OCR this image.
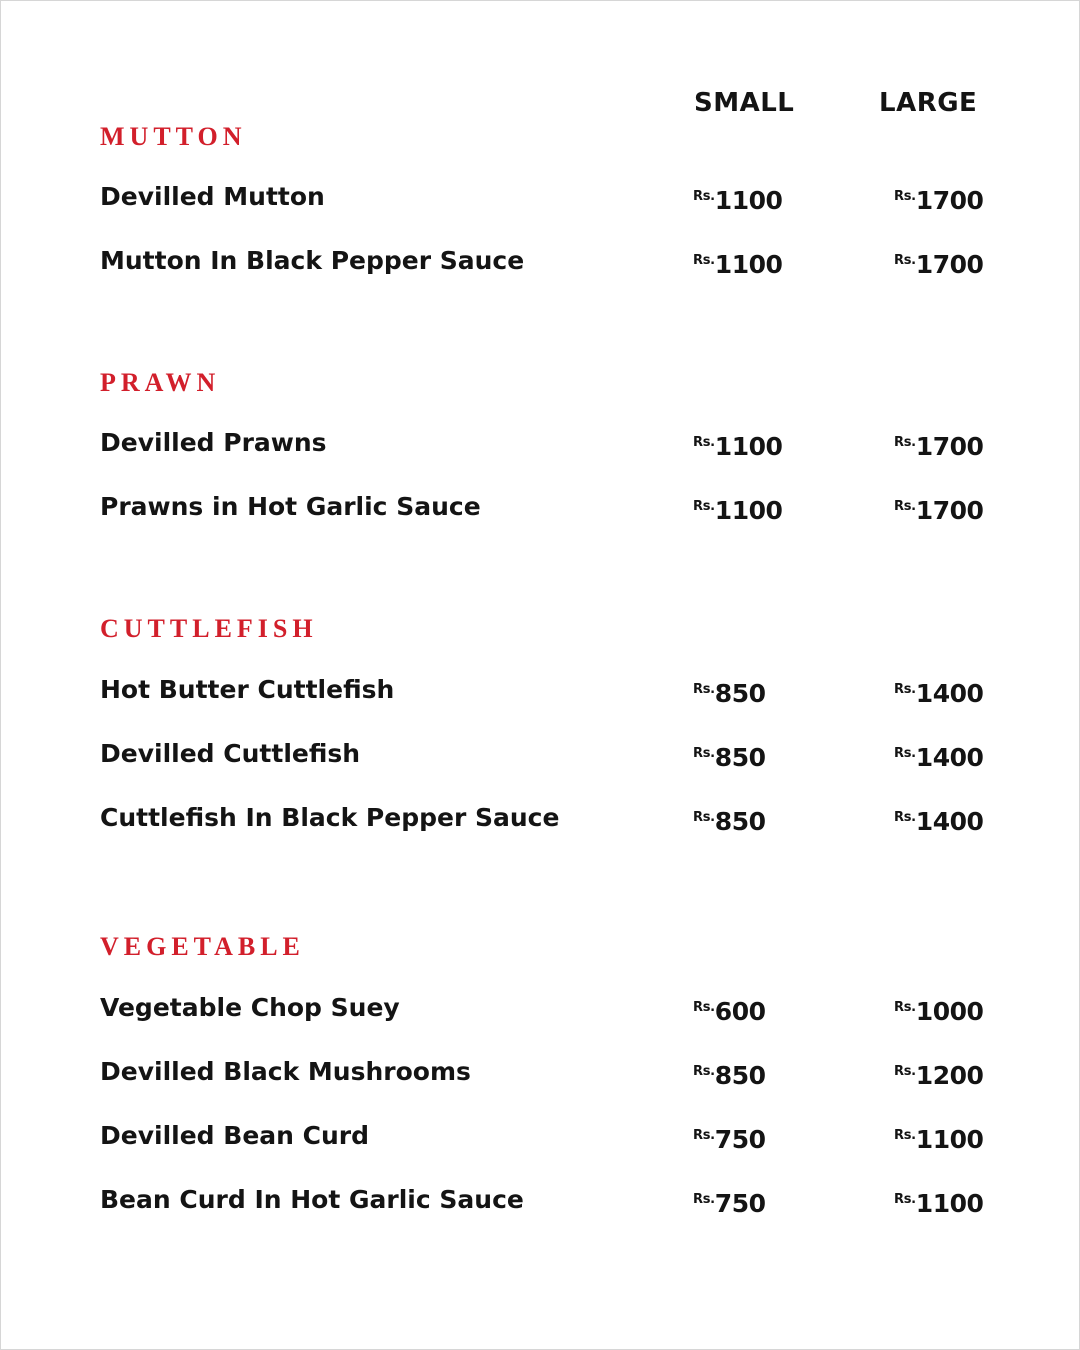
SMALL	LARGE
mutton
Devilled Mutton	$^{Rs.}$1100	$^{Rs.}$1700
Mutton In Black Pepper Sauce	$^{Rs.}$1100	$^{Rs.}$1700
prawn
Devilled Prawns	$^{Rs.}$1100	$^{Rs.}$1700
Prawns in Hot Garlic Sauce	$^{Rs.}$1100	$^{Rs.}$1700
cuttlefish
Hot Butter Cuttlefish	$^{Rs.}$850	$^{Rs.}$1400
Devilled Cuttlefish	$^{Rs.}$850	$^{Rs.}$1400
Cuttlefish In Black Pepper Sauce	$^{Rs.}$850	$^{Rs.}$1400
vegetable
Vegetable Chop Suey	$^{Rs.}$600	$^{Rs.}$1000
Devilled Black Mushrooms	$^{Rs.}$850	$^{Rs.}$1200
Devilled Bean Curd	$^{Rs.}$750	$^{Rs.}$1100
Bean Curd In Hot Garlic Sauce	$^{Rs.}$750	$^{Rs.}$1100
